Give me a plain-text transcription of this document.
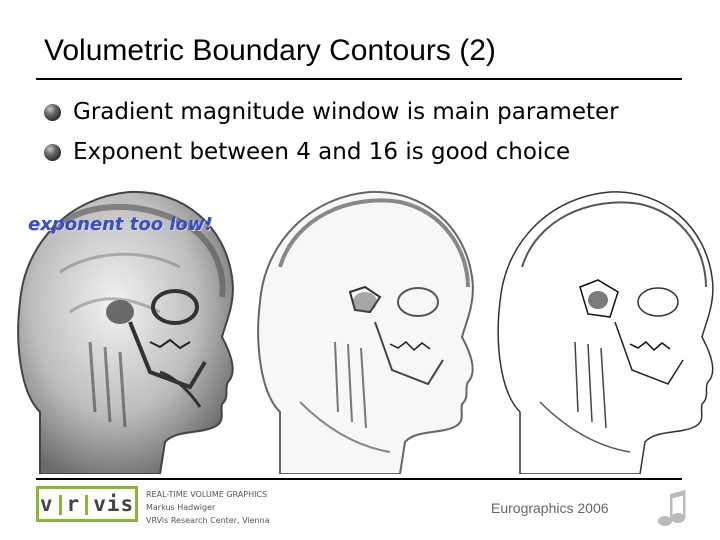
Volumetric Boundary Contours (2)
Gradient magnitude window is main parameter
Exponent between 4 and 16 is good choice
exponent too low!
v r vis REAL-TIME VOLUME GRAPHICS
Markus Hadwiger
VRVis Research Center, Vienna
Eurographics 2006
